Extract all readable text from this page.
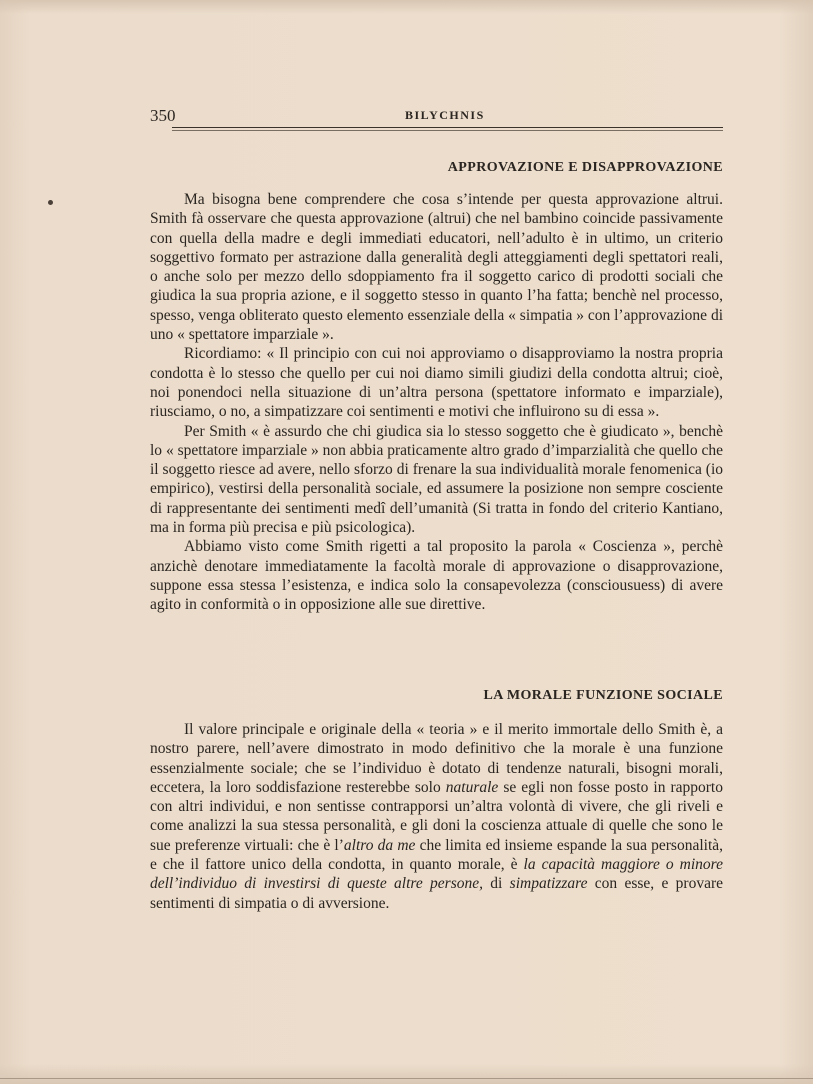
350	BILYCHNIS
APPROVAZIONE E DISAPPROVAZIONE

Ma bisogna bene comprendere che cosa s’intende per questa approvazione altrui. Smith fà osservare che questa approvazione (altrui) che nel bambino coincide passivamente con quella della madre e degli immediati educatori, nell’adulto è in ultimo, un criterio soggettivo formato per astrazione dalla generalità degli atteggiamenti degli spettatori reali, o anche solo per mezzo dello sdoppiamento fra il soggetto carico di prodotti sociali che giudica la sua propria azione, e il soggetto stesso in quanto l’ha fatta; benchè nel processo, spesso, venga obliterato questo elemento essenziale della « simpatia » con l’approvazione di uno « spettatore imparziale ».

Ricordiamo: « Il principio con cui noi approviamo o disapproviamo la nostra propria condotta è lo stesso che quello per cui noi diamo simili giudizi della condotta altrui; cioè, noi ponendoci nella situazione di un’altra persona (spettatore informato e imparziale), riusciamo, o no, a simpatizzare coi sentimenti e motivi che influirono su di essa ».

Per Smith « è assurdo che chi giudica sia lo stesso soggetto che è giudicato », benchè lo « spettatore imparziale » non abbia praticamente altro grado d’imparzialità che quello che il soggetto riesce ad avere, nello sforzo di frenare la sua individualità morale fenomenica (io empirico), vestirsi della personalità sociale, ed assumere la posizione non sempre cosciente di rappresentante dei sentimenti medî dell’umanità (Si tratta in fondo del criterio Kantiano, ma in forma più precisa e più psicologica).

Abbiamo visto come Smith rigetti a tal proposito la parola « Coscienza », perchè anzichè denotare immediatamente la facoltà morale di approvazione o disapprovazione, suppone essa stessa l’esistenza, e indica solo la consapevolezza (consciousuess) di avere agito in conformità o in opposizione alle sue direttive.

LA MORALE FUNZIONE SOCIALE

Il valore principale e originale della « teoria » e il merito immortale dello Smith è, a nostro parere, nell’avere dimostrato in modo definitivo che la morale è una funzione essenzialmente sociale; che se l’individuo è dotato di tendenze naturali, bisogni morali, eccetera, la loro soddisfazione resterebbe solo naturale se egli non fosse posto in rapporto con altri individui, e non sentisse contrapporsi un’altra volontà di vivere, che gli riveli e come analizzi la sua stessa personalità, e gli doni la coscienza attuale di quelle che sono le sue preferenze virtuali: che è l’altro da me che limita ed insieme espande la sua personalità, e che il fattore unico della condotta, in quanto morale, è la capacità maggiore o minore dell’individuo di investirsi di queste altre persone, di simpatizzare con esse, e provare sentimenti di simpatia o di avversione.
